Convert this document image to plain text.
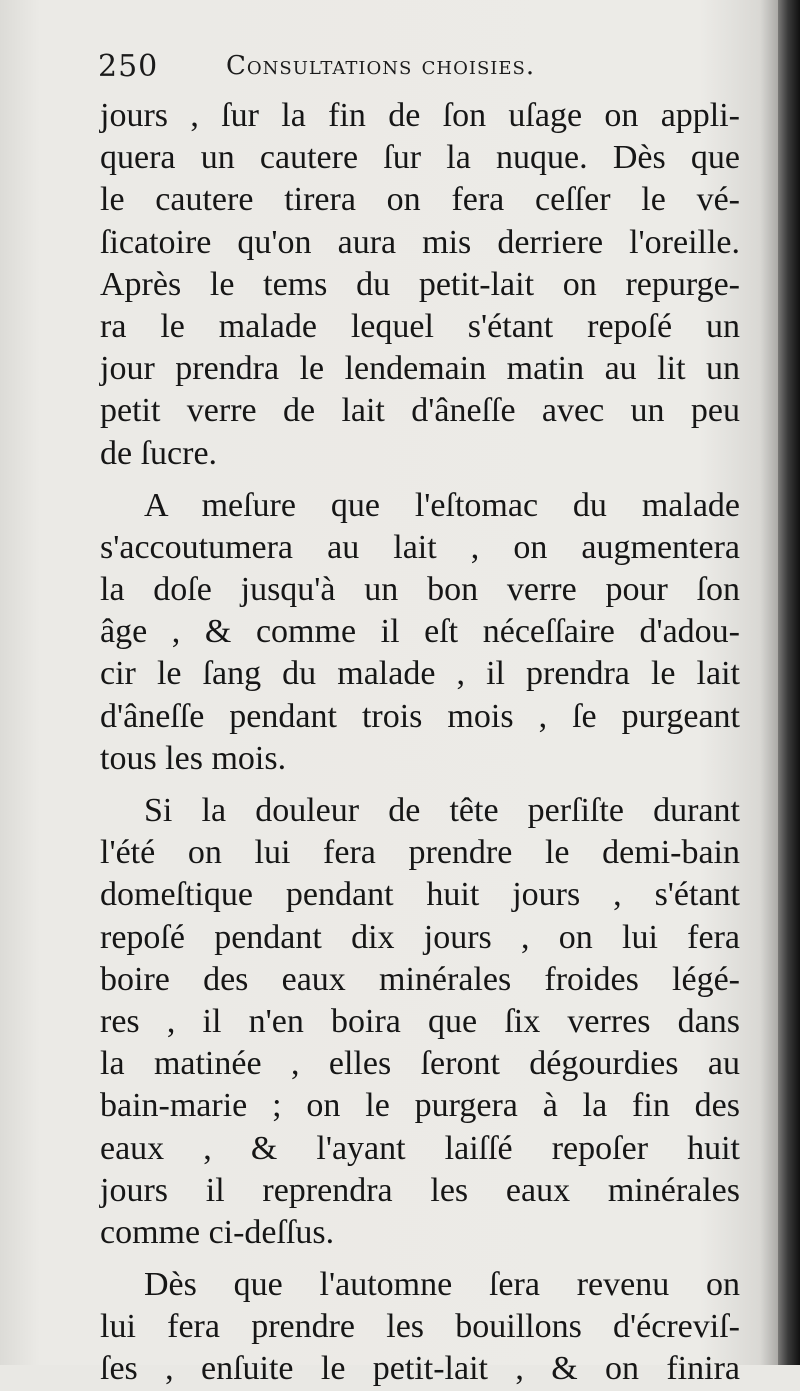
250	Consultations choisies.
jours , ſur la fin de ſon uſage on appli-
quera un cautere ſur la nuque. Dès que
le cautere tirera on fera ceſſer le vé-
ſicatoire qu'on aura mis derriere l'oreille.
Après le tems du petit-lait on repurge-
ra le malade lequel s'étant repoſé un
jour prendra le lendemain matin au lit un
petit verre de lait d'âneſſe avec un peu
de ſucre.
A meſure que l'eſtomac du malade
s'accoutumera au lait , on augmentera
la doſe jusqu'à un bon verre pour ſon
âge , & comme il eſt néceſſaire d'adou-
cir le ſang du malade , il prendra le lait
d'âneſſe pendant trois mois , ſe purgeant
tous les mois.
Si la douleur de tête perſiſte durant
l'été on lui fera prendre le demi-bain
domeſtique pendant huit jours , s'étant
repoſé pendant dix jours , on lui fera
boire des eaux minérales froides légé-
res , il n'en boira que ſix verres dans
la matinée , elles ſeront dégourdies au
bain-marie ; on le purgera à la fin des
eaux , & l'ayant laiſſé repoſer huit
jours il reprendra les eaux minérales
comme ci-deſſus.
Dès que l'automne ſera revenu on
lui fera prendre les bouillons d'écreviſ-
ſes , enſuite le petit-lait , & on finira
